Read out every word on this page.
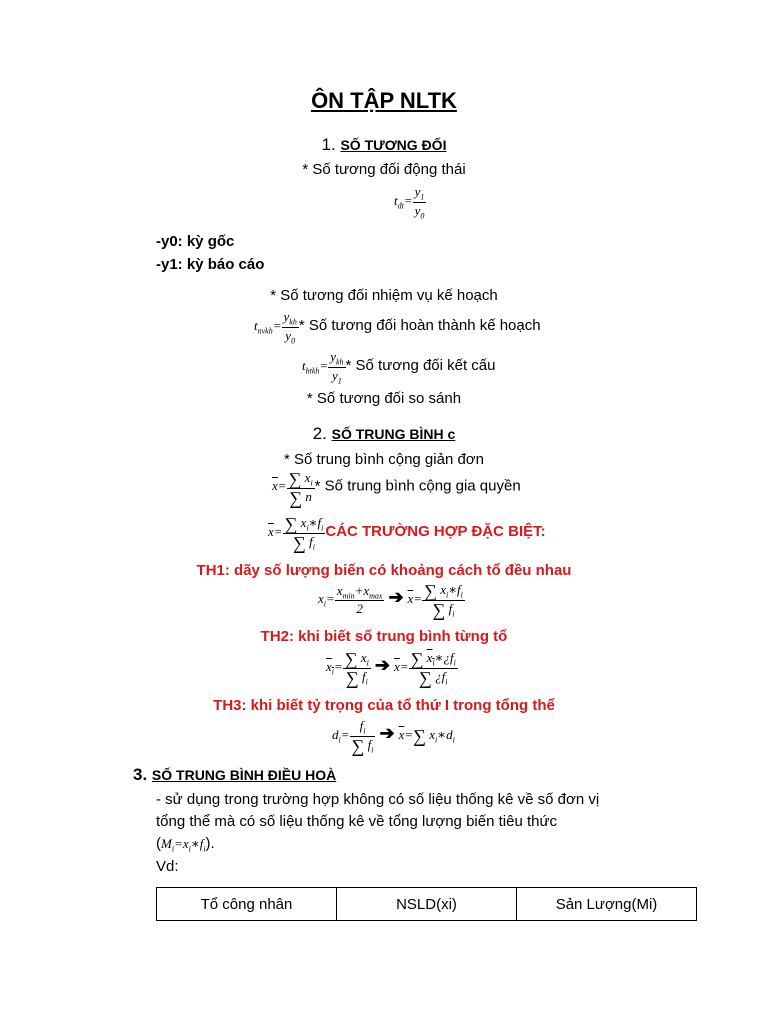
ÔN TẬP NLTK
1. SỐ TƯƠNG ĐỐI
* Số tương đối động thái
$t_{đt}= \frac{y_1}{y_0}$
-y0: kỳ gốc
-y1: kỳ báo cáo
* Số tương đối nhiệm vụ kế hoạch
$t_{nvkh}= \frac{y_{kh}}{y_0}$ * Số tương đối hoàn thành kế hoạch
$t_{htkh}= \frac{y_{kh}}{y_1}$ * Số tương đối kết cấu
* Số tương đối so sánh
2. SỐ TRUNG BÌNH c
* Số trung bình cộng giản đơn
$\overline{x}= \frac{\sum x_i}{\sum n}$ * Số trung bình cộng gia quyền
$\overline{x}= \frac{\sum x_i∗f_i}{\sum f_i}$ CÁC TRƯỜNG HỢP ĐẶC BIỆT:
TH1: dãy số lượng biến có khoảng cách tổ đều nhau
$x_i= \frac{x_{min}+x_{max}}{2}$ ➔ $\overline{x}= \frac{\sum x_i∗f_i}{\sum f_i}$
TH2: khi biết số trung bình từng tổ
$x_i= \frac{\sum x_i}{\sum f_i}$ ➔ $\overline{x}= \frac{\sum x_i∗¿f_i}{\sum ¿f_i}$
TH3: khi biết tỷ trọng của tổ thứ I trong tổng thể
$d_i= \frac{f_i}{\sum f_i}$ ➔ $\overline{x}=\sum$ $x_i∗d_i$
3. SỐ TRUNG BÌNH ĐIỀU HOÀ
- sử dụng trong trường hợp không có số liệu thống kê về số đơn vị
tổng thể mà có số liệu thống kê về tổng lượng biến tiêu thức
$(M_i=x_i∗f_i)$.
Vd:
Tổ công nhân	NSLD(xi)	Sản Lượng(Mi)
